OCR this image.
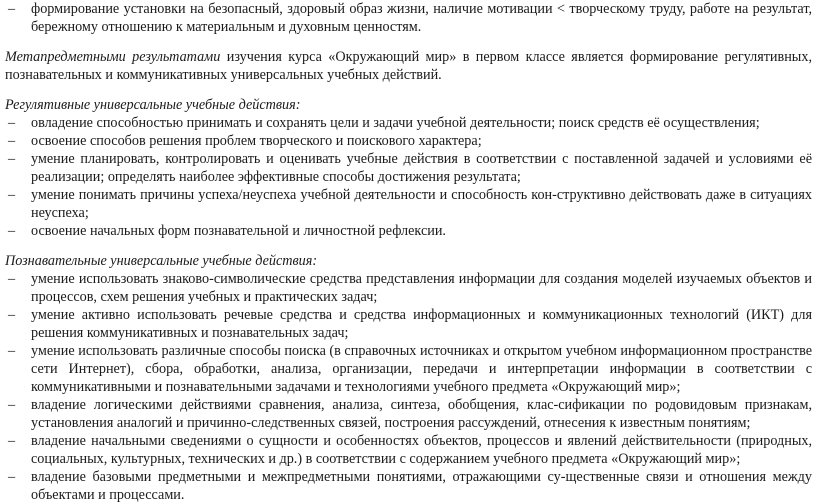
– формирование установки на безопасный, здоровый образ жизни, наличие мотивации < творческому труду, работе на результат, бережному отношению к материальным и духовным ценностям.
Метапредметными результатами изучения курса «Окружающий мир» в первом классе является формирование регулятивных, познавательных и коммуникативных универсальных учебных действий.
Регулятивные универсальные учебные действия:
– овладение способностью принимать и сохранять цели и задачи учебной деятельности; поиск средств её осуществления;
– освоение способов решения проблем творческого и поискового характера;
– умение планировать, контролировать и оценивать учебные действия в соответствии с поставленной задачей и условиями её реализации; определять наиболее эффективные способы достижения результата;
– умение понимать причины успеха/неуспеха учебной деятельности и способность кон-структивно действовать даже в ситуациях неуспеха;
– освоение начальных форм познавательной и личностной рефлексии.
Познавательные универсальные учебные действия:
– умение использовать знаково-символические средства представления информации для создания моделей изучаемых объектов и процессов, схем решения учебных и практических задач;
– умение активно использовать речевые средства и средства информационных и коммуникационных технологий (ИКТ) для решения коммуникативных и познавательных задач;
– умение использовать различные способы поиска (в справочных источниках и открытом учебном информационном пространстве сети Интернет), сбора, обработки, анализа, организации, передачи и интерпретации информации в соответствии с коммуникативными и познавательными задачами и технологиями учебного предмета «Окружающий мир»;
– владение логическими действиями сравнения, анализа, синтеза, обобщения, клас-сификации по родовидовым признакам, установления аналогий и причинно-следственных связей, построения рассуждений, отнесения к известным понятиям;
– владение начальными сведениями о сущности и особенностях объектов, процессов и явлений действительности (природных, социальных, культурных, технических и др.) в соответствии с содержанием учебного предмета «Окружающий мир»;
– владение базовыми предметными и межпредметными понятиями, отражающими су-щественные связи и отношения между объектами и процессами.
